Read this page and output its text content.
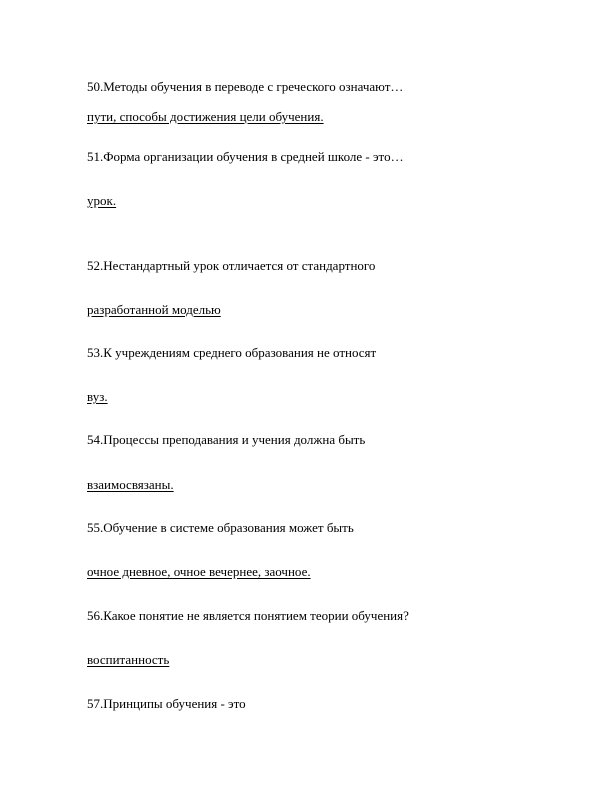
50.Методы обучения в переводе с греческого означают…
пути, способы достижения цели обучения.
51.Форма организации обучения в средней школе - это…
урок.
52.Нестандартный урок отличается от стандартного
разработанной моделью
53.К учреждениям среднего образования не относят
вуз.
54.Процессы преподавания и учения должна быть
взаимосвязаны.
55.Обучение в системе образования может быть
очное дневное, очное вечернее, заочное.
56.Какое понятие не является понятием теории обучения?
воспитанность
57.Принципы обучения - это
